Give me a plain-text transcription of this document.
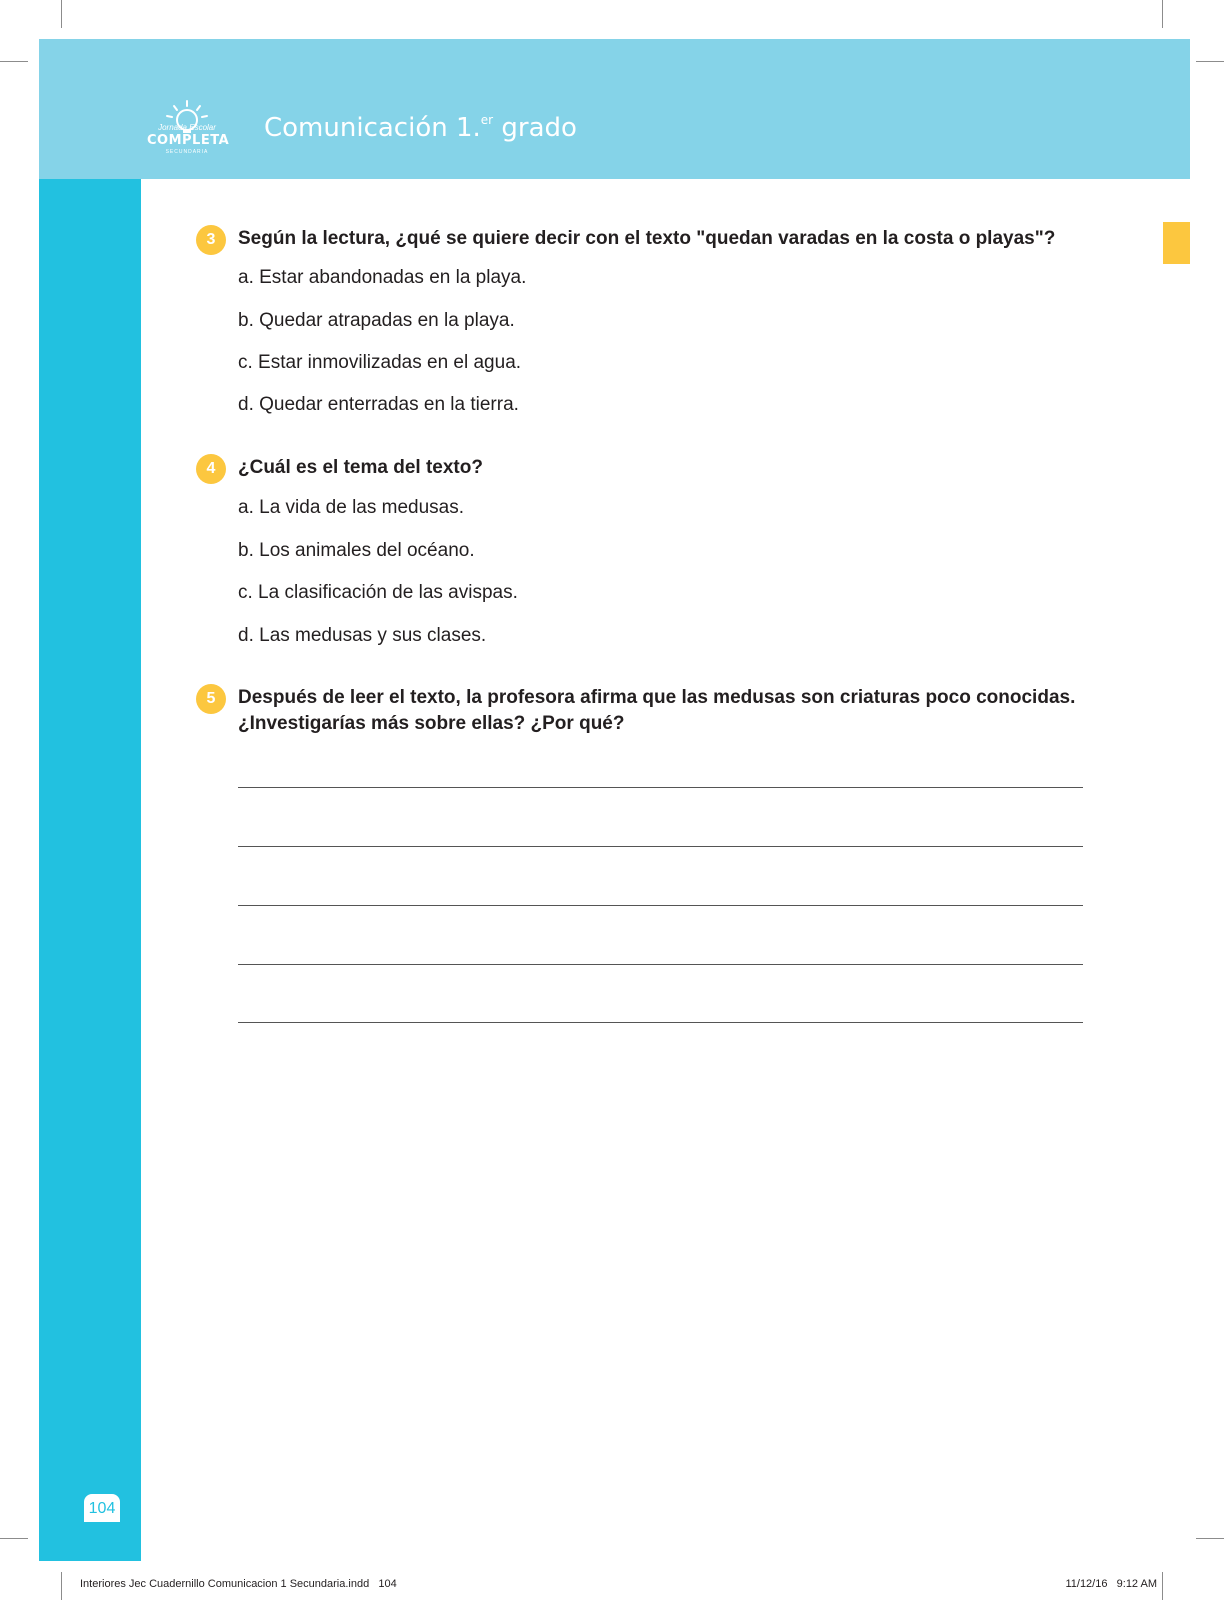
Jornada Escolar
COMPLETA
SECUNDARIA
Comunicación 1.$^{er}$ grado
104
3	Según la lectura, ¿qué se quiere decir con el texto "quedan varadas en la costa o playas"?
a. Estar abandonadas en la playa.
b. Quedar atrapadas en la playa.
c. Estar inmovilizadas en el agua.
d. Quedar enterradas en la tierra.
4	¿Cuál es el tema del texto?
a. La vida de las medusas.
b. Los animales del océano.
c. La clasificación de las avispas.
d. Las medusas y sus clases.
5	Después de leer el texto, la profesora afirma que las medusas son criaturas poco conocidas. ¿Investigarías más sobre ellas? ¿Por qué?
Interiores Jec Cuadernillo Comunicacion 1 Secundaria.indd   104	11/12/16   9:12 AM
